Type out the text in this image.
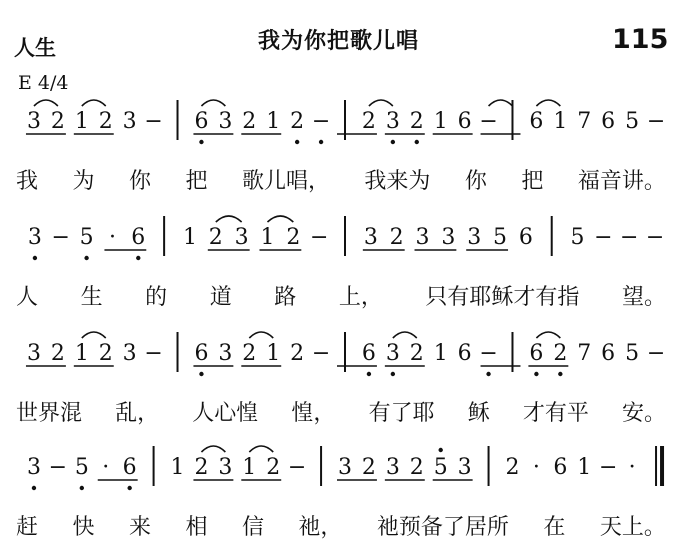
人生	我为你把歌儿唱	115
E 4/4
3 2 1 2 3 − 6 3 2 1 2 − 2 3 2 1 6 − 6 1 7 6 5 −
3 − 5 · 6 1 2 3 1 2 − 3 2 3 3 3 5 6 5 − − −
3 2 1 2 3 − 6 3 2 1 2 − 6 3 2 1 6 − 6 2 7 6 5 −
3 − 5 · 6 1 2 3 1 2 − 3 2 3 2 5 3 2 · 6 1 − ·
我 为 你 把 歌儿唱， 我来为 你 把 福音讲。
人 生 的 道 路 上， 只有耶稣才有指 望。
世界混 乱， 人心惶 惶， 有了耶 稣 才有平 安。
赶 快 来 相 信 祂， 祂预备了居所 在 天上。
